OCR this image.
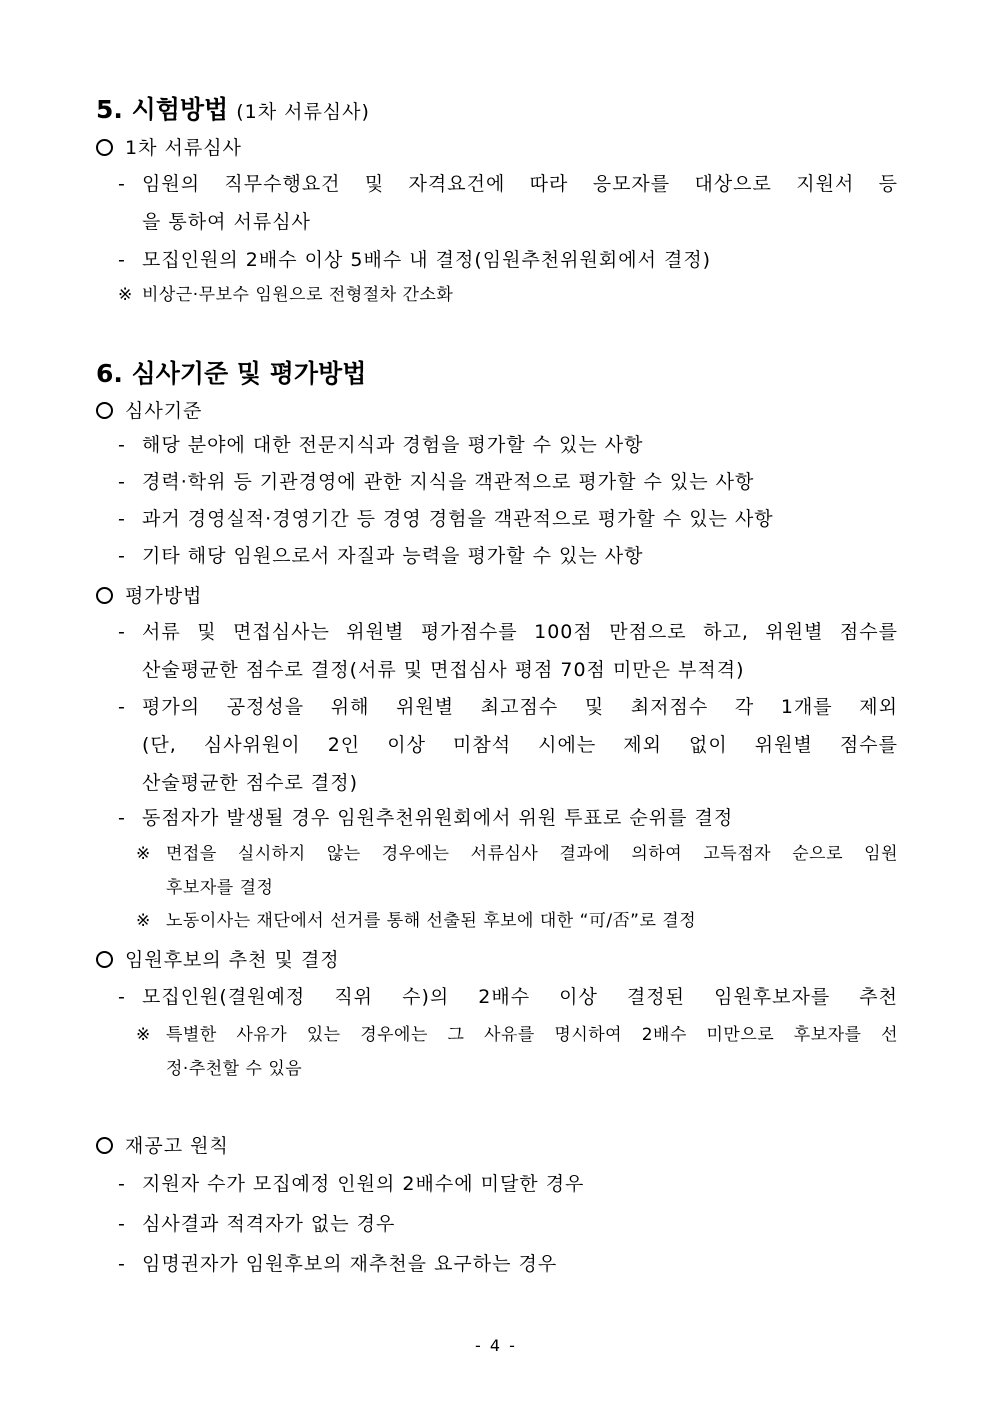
5. 시험방법 (1차 서류심사)
1차 서류심사
- 임원의 직무수행요건 및 자격요건에 따라 응모자를 대상으로 지원서 등
을 통하여 서류심사
- 모집인원의 2배수 이상 5배수 내 결정(임원추천위원회에서 결정)
※ 비상근·무보수 임원으로 전형절차 간소화
6. 심사기준 및 평가방법
심사기준
- 해당 분야에 대한 전문지식과 경험을 평가할 수 있는 사항
- 경력·학위 등 기관경영에 관한 지식을 객관적으로 평가할 수 있는 사항
- 과거 경영실적·경영기간 등 경영 경험을 객관적으로 평가할 수 있는 사항
- 기타 해당 임원으로서 자질과 능력을 평가할 수 있는 사항
평가방법
- 서류 및 면접심사는 위원별 평가점수를 100점 만점으로 하고, 위원별 점수를
산술평균한 점수로 결정(서류 및 면접심사 평점 70점 미만은 부적격)
- 평가의 공정성을 위해 위원별 최고점수 및 최저점수 각 1개를 제외
(단, 심사위원이 2인 이상 미참석 시에는 제외 없이 위원별 점수를
산술평균한 점수로 결정)
- 동점자가 발생될 경우 임원추천위원회에서 위원 투표로 순위를 결정
※ 면접을 실시하지 않는 경우에는 서류심사 결과에 의하여 고득점자 순으로 임원
후보자를 결정
※ 노동이사는 재단에서 선거를 통해 선출된 후보에 대한 “可/否”로 결정
임원후보의 추천 및 결정
- 모집인원(결원예정 직위 수)의 2배수 이상 결정된 임원후보자를 추천
※ 특별한 사유가 있는 경우에는 그 사유를 명시하여 2배수 미만으로 후보자를 선
정·추천할 수 있음
재공고 원칙
- 지원자 수가 모집예정 인원의 2배수에 미달한 경우
- 심사결과 적격자가 없는 경우
- 임명권자가 임원후보의 재추천을 요구하는 경우
- 4 -
